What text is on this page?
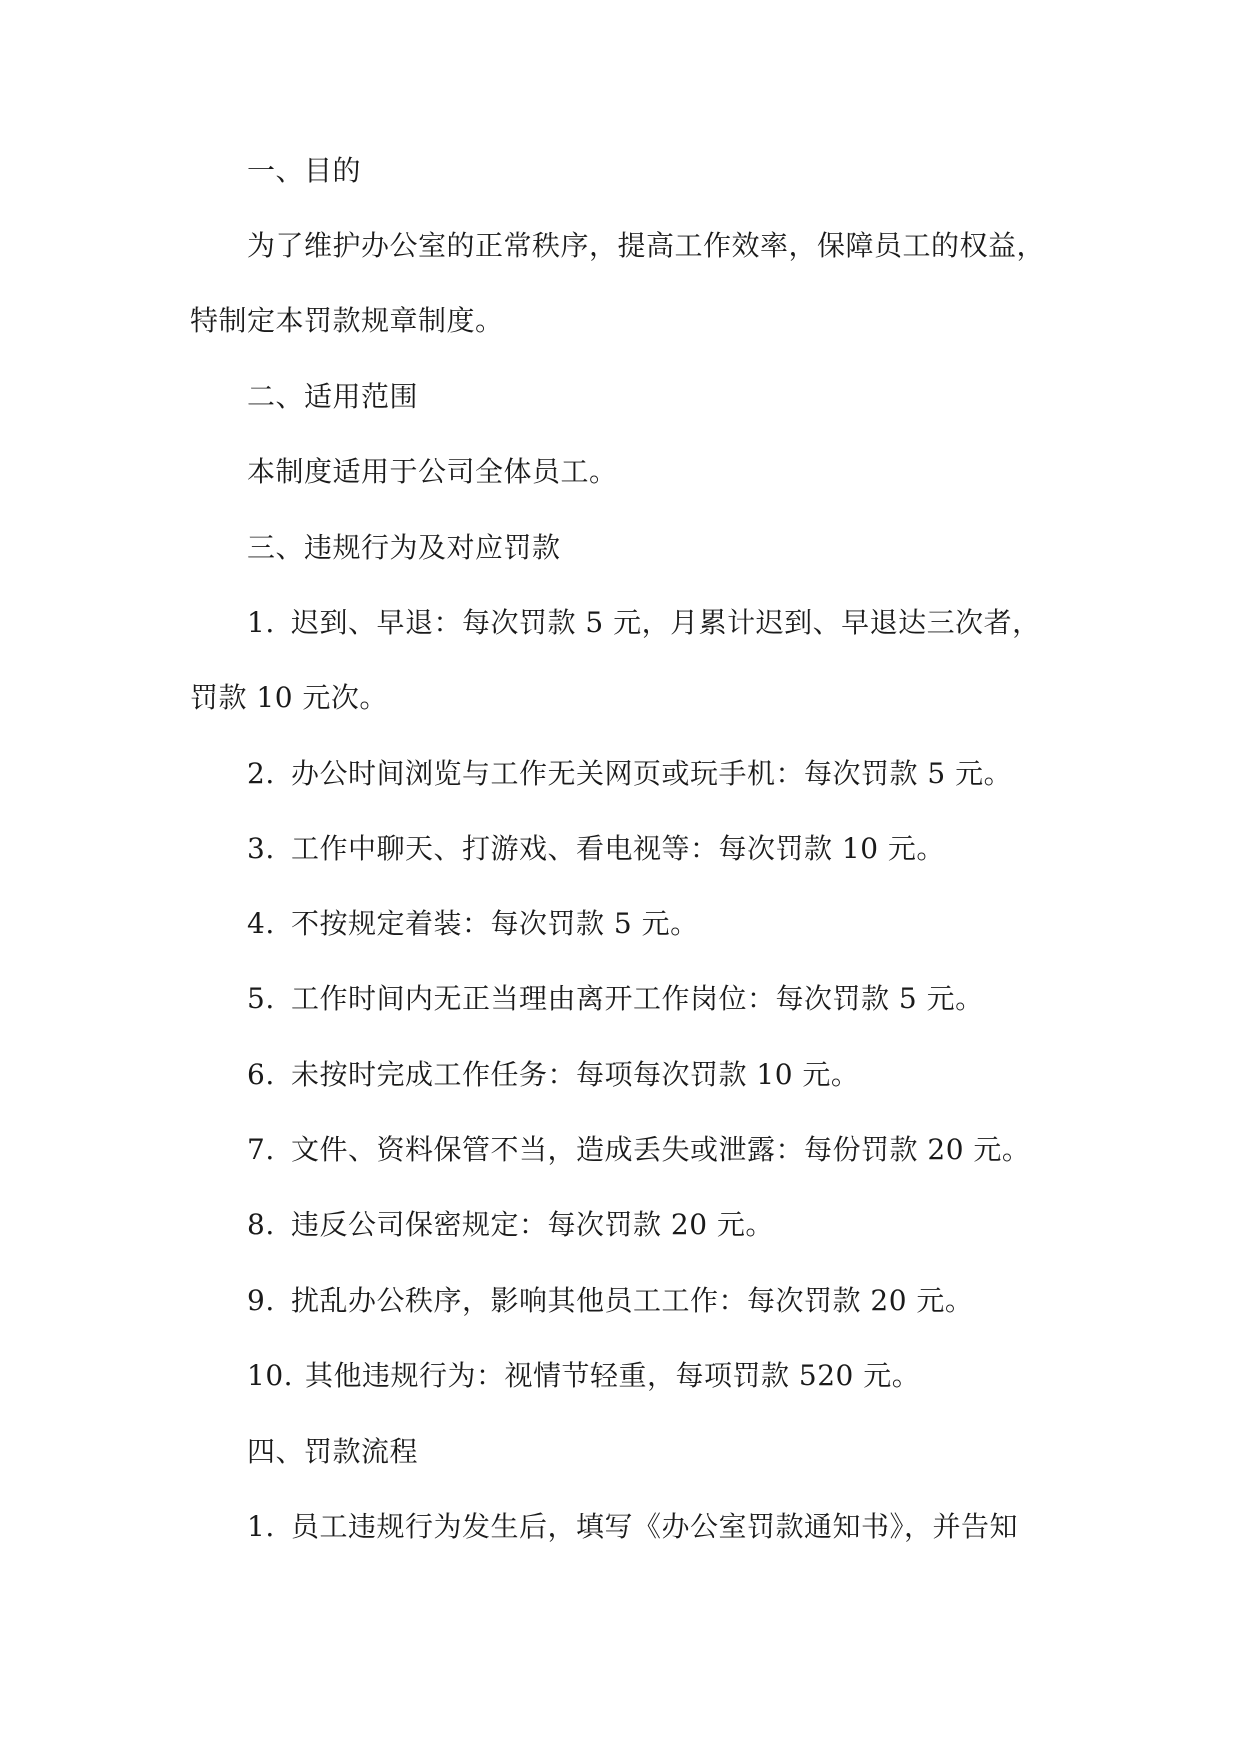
一、目的
为了维护办公室的正常秩序，提高工作效率，保障员工的权益，
特制定本罚款规章制度。
二、适用范围
本制度适用于公司全体员工。
三、违规行为及对应罚款
1. 迟到、早退：每次罚款 5 元，月累计迟到、早退达三次者，
罚款 10 元次。
2. 办公时间浏览与工作无关网页或玩手机：每次罚款 5 元。
3. 工作中聊天、打游戏、看电视等：每次罚款 10 元。
4. 不按规定着装：每次罚款 5 元。
5. 工作时间内无正当理由离开工作岗位：每次罚款 5 元。
6. 未按时完成工作任务：每项每次罚款 10 元。
7. 文件、资料保管不当，造成丢失或泄露：每份罚款 20 元。
8. 违反公司保密规定：每次罚款 20 元。
9. 扰乱办公秩序，影响其他员工工作：每次罚款 20 元。
10. 其他违规行为：视情节轻重，每项罚款 520 元。
四、罚款流程
1. 员工违规行为发生后，填写《办公室罚款通知书》，并告知
